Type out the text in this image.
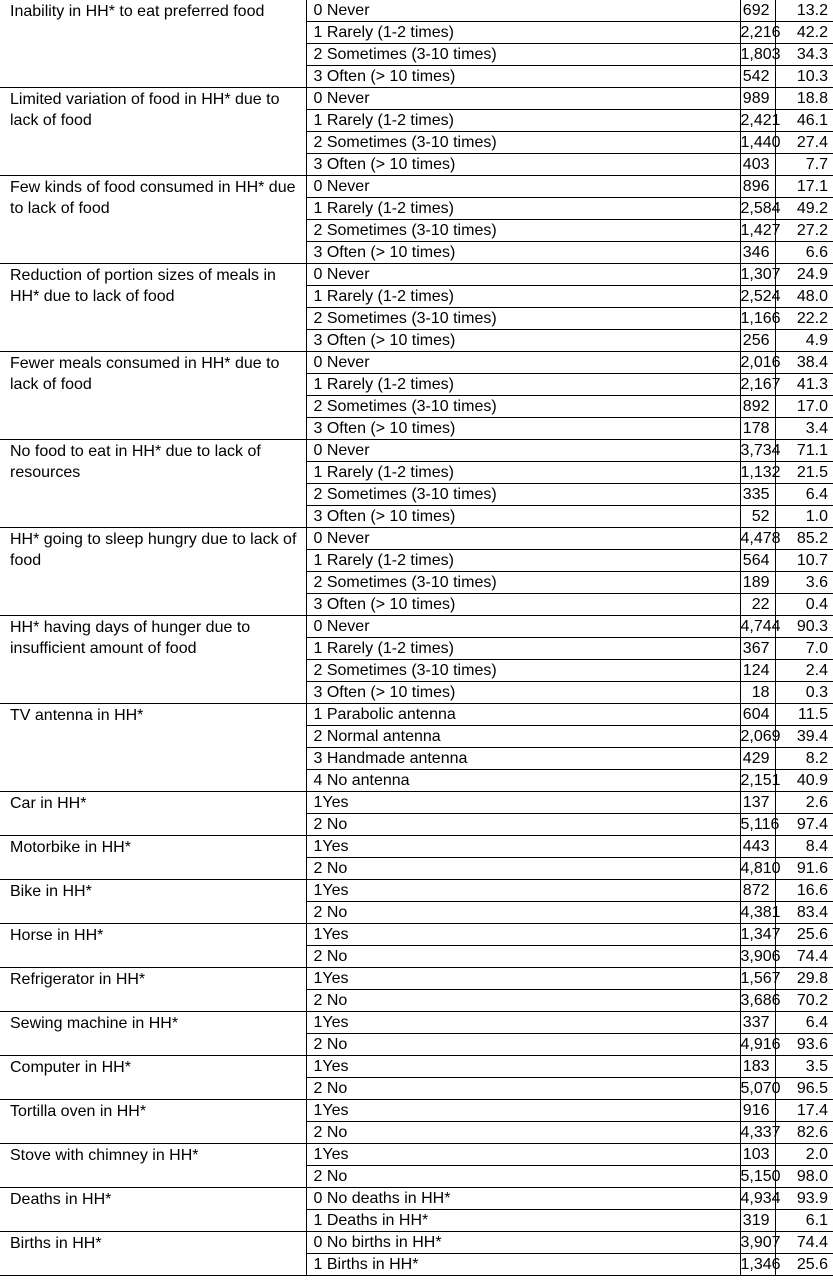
Inability in HH* to eat preferred food	0 Never	692	13.2
	1 Rarely (1-2 times)	2,216	42.2
	2 Sometimes (3-10 times)	1,803	34.3
	3 Often (> 10 times)	542	10.3
Limited variation of food in HH* due to lack of food	0 Never	989	18.8
	1 Rarely (1-2 times)	2,421	46.1
	2 Sometimes (3-10 times)	1,440	27.4
	3 Often (> 10 times)	403	7.7
Few kinds of food consumed in HH* due to lack of food	0 Never	896	17.1
	1 Rarely (1-2 times)	2,584	49.2
	2 Sometimes (3-10 times)	1,427	27.2
	3 Often (> 10 times)	346	6.6
Reduction of portion sizes of meals in HH* due to lack of food	0 Never	1,307	24.9
	1 Rarely (1-2 times)	2,524	48.0
	2 Sometimes (3-10 times)	1,166	22.2
	3 Often (> 10 times)	256	4.9
Fewer meals consumed in HH* due to lack of food	0 Never	2,016	38.4
	1 Rarely (1-2 times)	2,167	41.3
	2 Sometimes (3-10 times)	892	17.0
	3 Often (> 10 times)	178	3.4
No food to eat in HH* due to lack of resources	0 Never	3,734	71.1
	1 Rarely (1-2 times)	1,132	21.5
	2 Sometimes (3-10 times)	335	6.4
	3 Often (> 10 times)	52	1.0
HH* going to sleep hungry due to lack of food	0 Never	4,478	85.2
	1 Rarely (1-2 times)	564	10.7
	2 Sometimes (3-10 times)	189	3.6
	3 Often (> 10 times)	22	0.4
HH* having days of hunger due to insufficient amount of food	0 Never	4,744	90.3
	1 Rarely (1-2 times)	367	7.0
	2 Sometimes (3-10 times)	124	2.4
	3 Often (> 10 times)	18	0.3
TV antenna in HH*	1 Parabolic antenna	604	11.5
	2 Normal antenna	2,069	39.4
	3 Handmade antenna	429	8.2
	4 No antenna	2,151	40.9
Car in HH*	1Yes	137	2.6
	2 No	5,116	97.4
Motorbike in HH*	1Yes	443	8.4
	2 No	4,810	91.6
Bike in HH*	1Yes	872	16.6
	2 No	4,381	83.4
Horse in HH*	1Yes	1,347	25.6
	2 No	3,906	74.4
Refrigerator in HH*	1Yes	1,567	29.8
	2 No	3,686	70.2
Sewing machine in HH*	1Yes	337	6.4
	2 No	4,916	93.6
Computer in HH*	1Yes	183	3.5
	2 No	5,070	96.5
Tortilla oven in HH*	1Yes	916	17.4
	2 No	4,337	82.6
Stove with chimney in HH*	1Yes	103	2.0
	2 No	5,150	98.0
Deaths in HH*	0 No deaths in HH*	4,934	93.9
	1 Deaths in HH*	319	6.1
Births in HH*	0 No births in HH*	3,907	74.4
	1 Births in HH*	1,346	25.6
